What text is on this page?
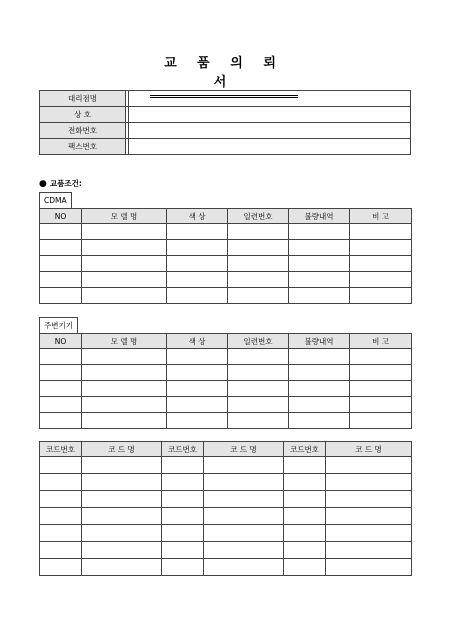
교 품 의 뢰 서
대리점명		
상 호		
전화번호		
팩스번호		
● 교품조건:
CDMA
NO	모 델 명	색 상	일련번호	불량내역	비 고

주변기기
NO	모 델 명	색 상	일련번호	불량내역	비 고

코드번호	코 드 명	코드번호	코 드 명	코드번호	코 드 명
